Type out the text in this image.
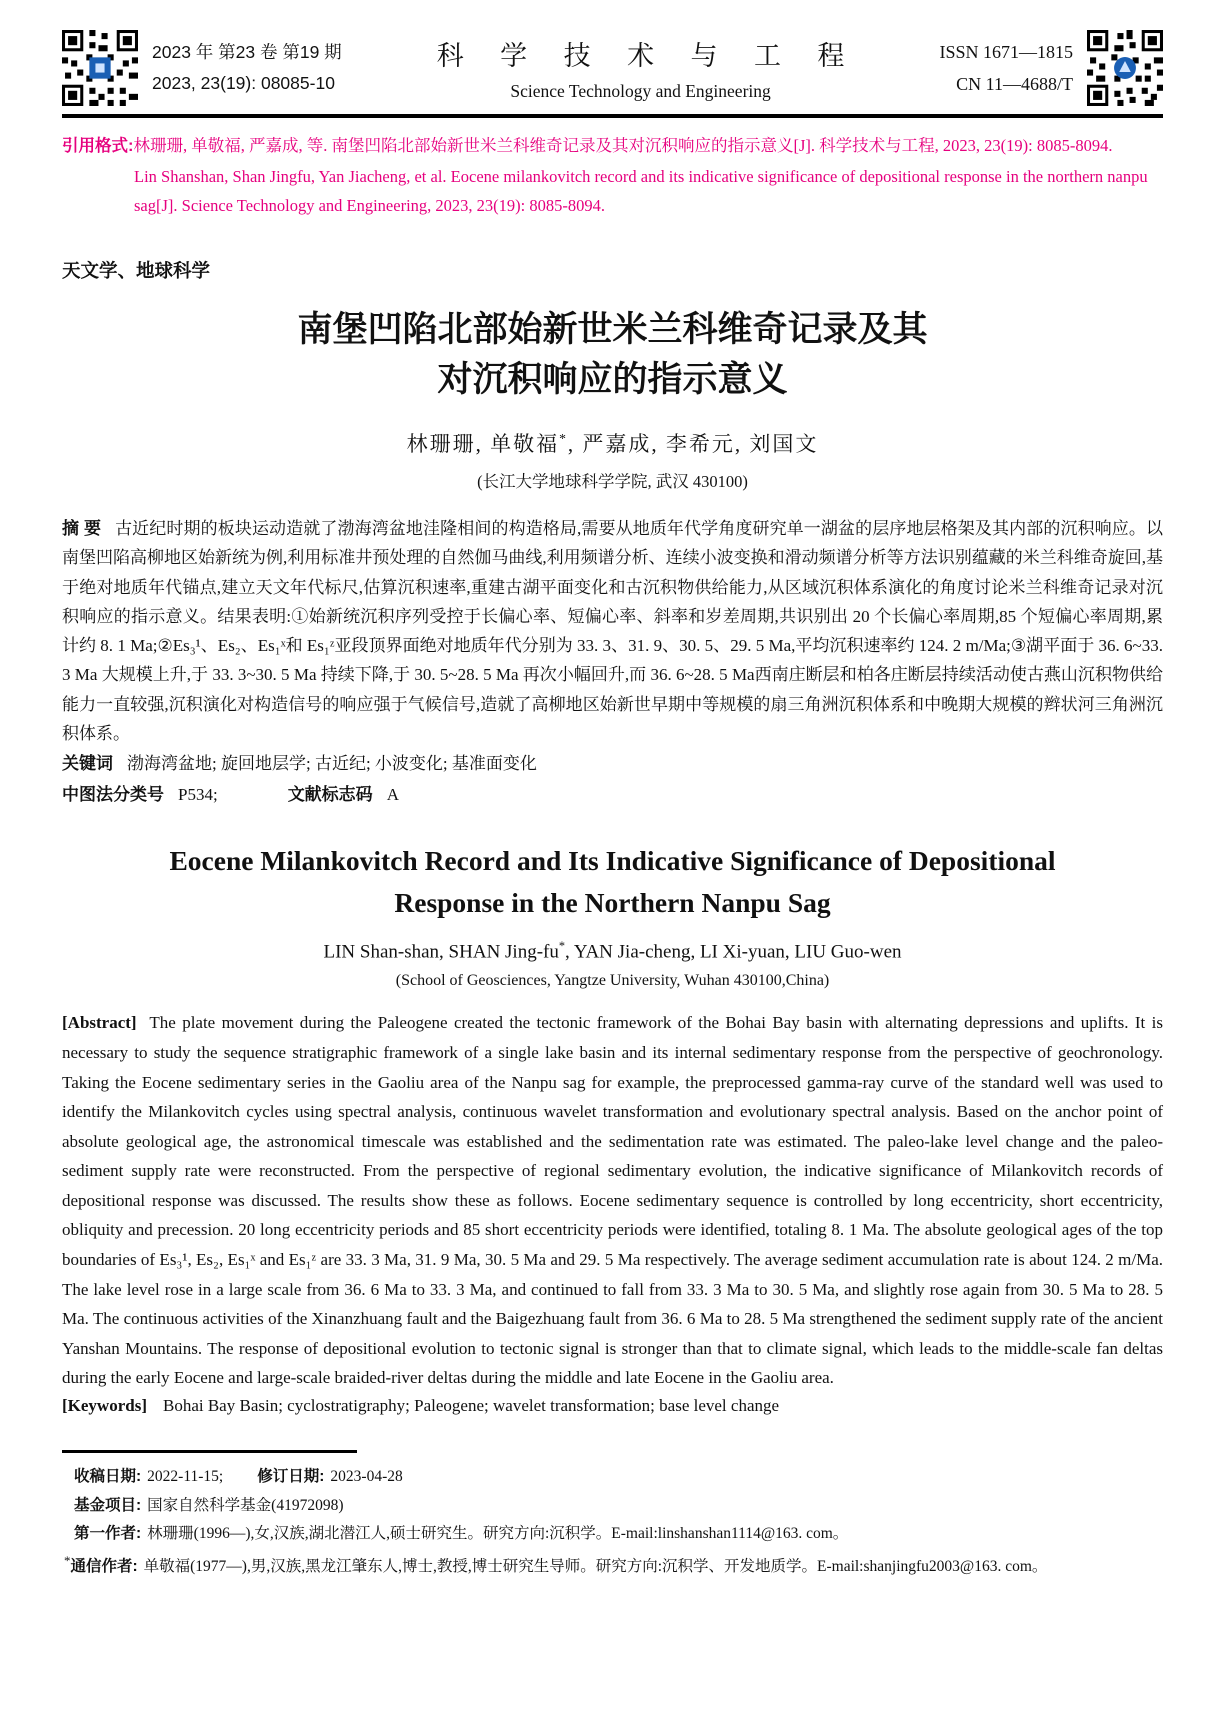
2023 年 第23 卷 第19 期
2023, 23(19): 08085-10
科 学 技 术 与 工 程
Science Technology and Engineering
ISSN 1671—1815
CN 11—4688/T

引用格式:林珊珊, 单敬福, 严嘉成, 等. 南堡凹陷北部始新世米兰科维奇记录及其对沉积响应的指示意义[J]. 科学技术与工程, 2023, 23(19): 8085-8094.

Lin Shanshan, Shan Jingfu, Yan Jiacheng, et al. Eocene milankovitch record and its indicative significance of depositional response in the northern nanpu sag[J]. Science Technology and Engineering, 2023, 23(19): 8085-8094.

天文学、地球科学
南堡凹陷北部始新世米兰科维奇记录及其
对沉积响应的指示意义
林珊珊, 单敬福*, 严嘉成, 李希元, 刘国文
(长江大学地球科学学院, 武汉 430100)
摘 要 古近纪时期的板块运动造就了渤海湾盆地洼隆相间的构造格局,需要从地质年代学角度研究单一湖盆的层序地层格架及其内部的沉积响应。以南堡凹陷高柳地区始新统为例,利用标准井预处理的自然伽马曲线,利用频谱分析、连续小波变换和滑动频谱分析等方法识别蕴藏的米兰科维奇旋回,基于绝对地质年代锚点,建立天文年代标尺,估算沉积速率,重建古湖平面变化和古沉积物供给能力,从区域沉积体系演化的角度讨论米兰科维奇记录对沉积响应的指示意义。结果表明:①始新统沉积序列受控于长偏心率、短偏心率、斜率和岁差周期,共识别出 20 个长偏心率周期,85 个短偏心率周期,累计约 8. 1 Ma;②Es₃¹、Es₂、Es₁ˣ和 Es₁ᶻ亚段顶界面绝对地质年代分别为 33. 3、31. 9、30. 5、29. 5 Ma,平均沉积速率约 124. 2 m/Ma;③湖平面于 36. 6~33. 3 Ma 大规模上升,于 33. 3~30. 5 Ma 持续下降,于 30. 5~28. 5 Ma 再次小幅回升,而 36. 6~28. 5 Ma西南庄断层和柏各庄断层持续活动使古燕山沉积物供给能力一直较强,沉积演化对构造信号的响应强于气候信号,造就了高柳地区始新世早期中等规模的扇三角洲沉积体系和中晚期大规模的辫状河三角洲沉积体系。
关键词 渤海湾盆地; 旋回地层学; 古近纪; 小波变化; 基准面变化
中图法分类号 P534;	文献标志码 A
Eocene Milankovitch Record and Its Indicative Significance of Depositional
Response in the Northern Nanpu Sag
LIN Shan-shan, SHAN Jing-fu*, YAN Jia-cheng, LI Xi-yuan, LIU Guo-wen
(School of Geosciences, Yangtze University, Wuhan 430100,China)
[Abstract] The plate movement during the Paleogene created the tectonic framework of the Bohai Bay basin with alternating depressions and uplifts. It is necessary to study the sequence stratigraphic framework of a single lake basin and its internal sedimentary response from the perspective of geochronology. Taking the Eocene sedimentary series in the Gaoliu area of the Nanpu sag for example, the preprocessed gamma-ray curve of the standard well was used to identify the Milankovitch cycles using spectral analysis, continuous wavelet transformation and evolutionary spectral analysis. Based on the anchor point of absolute geological age, the astronomical timescale was established and the sedimentation rate was estimated. The paleo-lake level change and the paleo-sediment supply rate were reconstructed. From the perspective of regional sedimentary evolution, the indicative significance of Milankovitch records of depositional response was discussed. The results show these as follows. Eocene sedimentary sequence is controlled by long eccentricity, short eccentricity, obliquity and precession. 20 long eccentricity periods and 85 short eccentricity periods were identified, totaling 8. 1 Ma. The absolute geological ages of the top boundaries of Es₃¹, Es₂, Es₁ˣ and Es₁ᶻ are 33. 3 Ma, 31. 9 Ma, 30. 5 Ma and 29. 5 Ma respectively. The average sediment accumulation rate is about 124. 2 m/Ma. The lake level rose in a large scale from 36. 6 Ma to 33. 3 Ma, and continued to fall from 33. 3 Ma to 30. 5 Ma, and slightly rose again from 30. 5 Ma to 28. 5 Ma. The continuous activities of the Xinanzhuang fault and the Baigezhuang fault from 36. 6 Ma to 28. 5 Ma strengthened the sediment supply rate of the ancient Yanshan Mountains. The response of depositional evolution to tectonic signal is stronger than that to climate signal, which leads to the middle-scale fan deltas during the early Eocene and large-scale braided-river deltas during the middle and late Eocene in the Gaoliu area.
[Keywords] Bohai Bay Basin; cyclostratigraphy; Paleogene; wavelet transformation; base level change
收稿日期: 2022-11-15; 修订日期: 2023-04-28
基金项目: 国家自然科学基金(41972098)
第一作者: 林珊珊(1996—),女,汉族,湖北潜江人,硕士研究生。研究方向:沉积学。E-mail:linshanshan1114@163. com。
*通信作者: 单敬福(1977—),男,汉族,黑龙江肇东人,博士,教授,博士研究生导师。研究方向:沉积学、开发地质学。E-mail:shanjingfu2003@163. com。
